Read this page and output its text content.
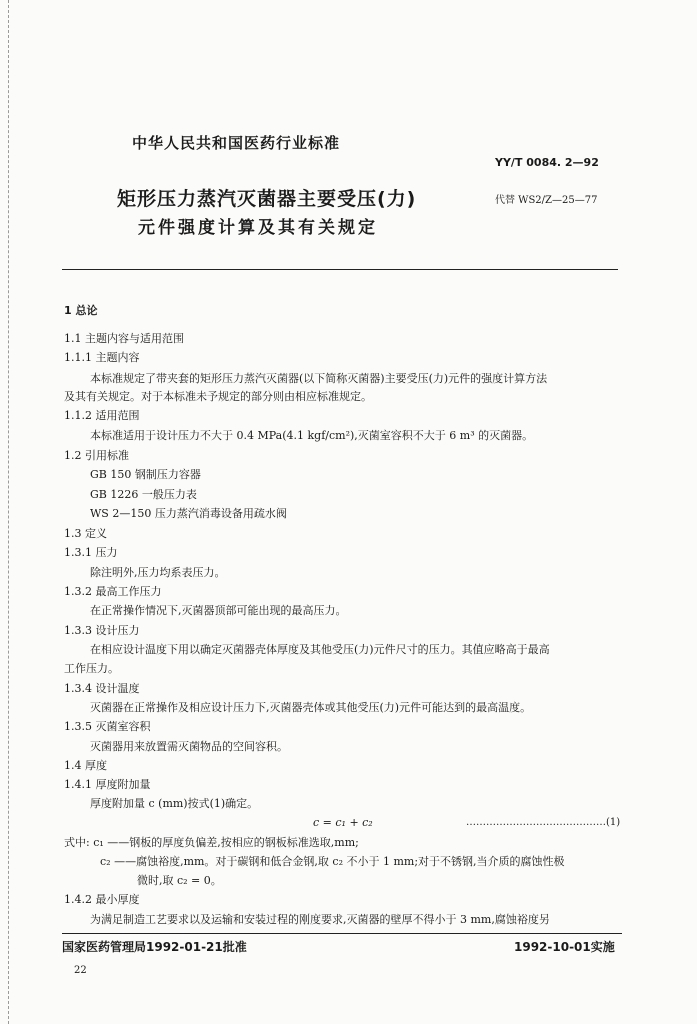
中华人民共和国医药行业标准
YY/T 0084. 2—92
矩形压力蒸汽灭菌器主要受压(力)
元件强度计算及其有关规定
代替 WS2/Z—25—77
1 总论
1.1 主题内容与适用范围
1.1.1 主题内容
本标准规定了带夹套的矩形压力蒸汽灭菌器(以下简称灭菌器)主要受压(力)元件的强度计算方法
及其有关规定。对于本标准未予规定的部分则由相应标准规定。
1.1.2 适用范围
本标准适用于设计压力不大于 0.4 MPa(4.1 kgf/cm²),灭菌室容积不大于 6 m³ 的灭菌器。
1.2 引用标准
GB 150 钢制压力容器
GB 1226 一般压力表
WS 2—150 压力蒸汽消毒设备用疏水阀
1.3 定义
1.3.1 压力
除注明外,压力均系表压力。
1.3.2 最高工作压力
在正常操作情况下,灭菌器顶部可能出现的最高压力。
1.3.3 设计压力
在相应设计温度下用以确定灭菌器壳体厚度及其他受压(力)元件尺寸的压力。其值应略高于最高
工作压力。
1.3.4 设计温度
灭菌器在正常操作及相应设计压力下,灭菌器壳体或其他受压(力)元件可能达到的最高温度。
1.3.5 灭菌室容积
灭菌器用来放置需灭菌物品的空间容积。
1.4 厚度
1.4.1 厚度附加量
厚度附加量 c (mm)按式(1)确定。
c = c₁ + c₂	……………………………………(1)
式中: c₁ ——钢板的厚度负偏差,按相应的钢板标准选取,mm;
c₂ ——腐蚀裕度,mm。对于碳钢和低合金钢,取 c₂ 不小于 1 mm;对于不锈钢,当介质的腐蚀性极
微时,取 c₂ = 0。
1.4.2 最小厚度
为满足制造工艺要求以及运输和安装过程的刚度要求,灭菌器的壁厚不得小于 3 mm,腐蚀裕度另
国家医药管理局1992-01-21批准	1992-10-01实施
22
